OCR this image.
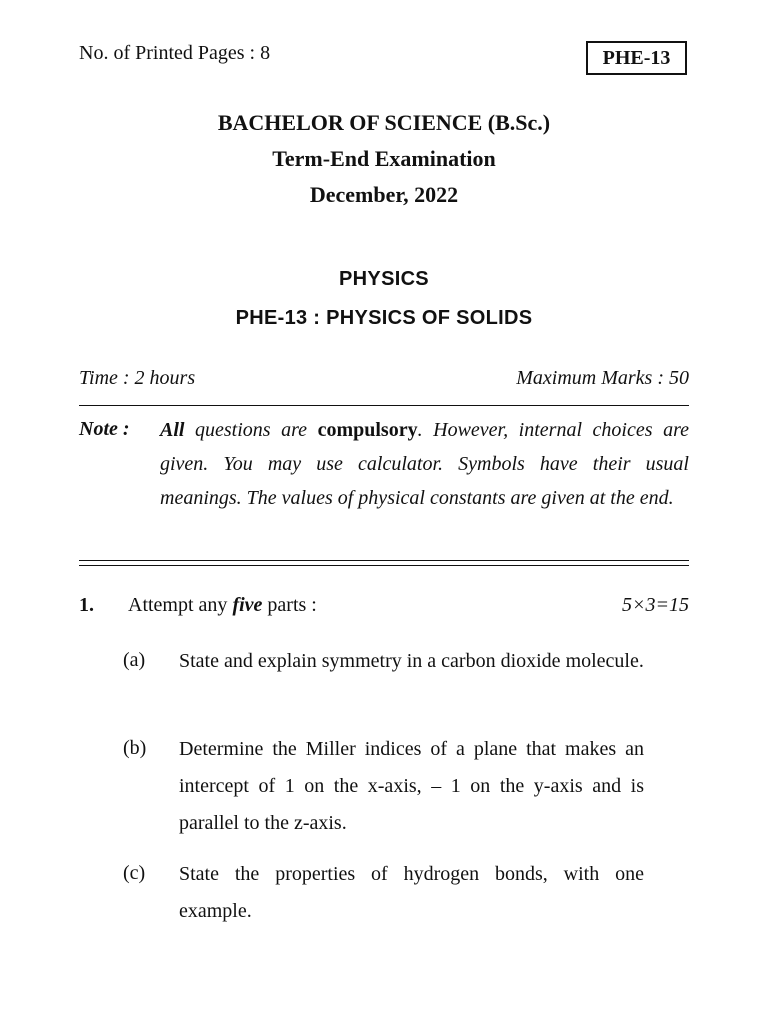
No. of Printed Pages : 8	PHE-13
BACHELOR OF SCIENCE (B.Sc.)
Term-End Examination
December, 2022
PHYSICS
PHE-13 : PHYSICS OF SOLIDS
Time : 2 hours	Maximum Marks : 50
Note : All questions are compulsory. However, internal choices are given. You may use calculator. Symbols have their usual meanings. The values of physical constants are given at the end.
1. Attempt any five parts :	5×3=15
(a) State and explain symmetry in a carbon dioxide molecule.
(b) Determine the Miller indices of a plane that makes an intercept of 1 on the x-axis, – 1 on the y-axis and is parallel to the z-axis.
(c) State the properties of hydrogen bonds, with one example.
